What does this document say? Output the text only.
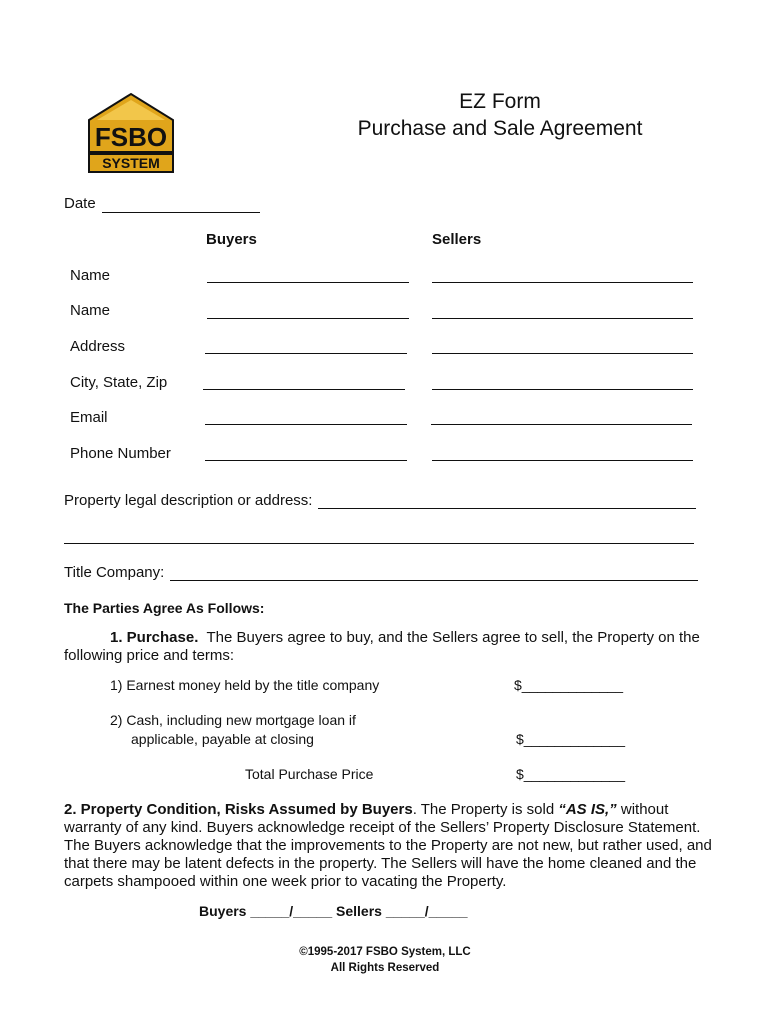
FSBO
SYSTEM
EZ Form
Purchase and Sale Agreement
Date
Buyers	Sellers
Name
Name
Address
City, State, Zip
Email
Phone Number
Property legal description or address:
Title Company:
The Parties Agree As Follows:
1. Purchase. The Buyers agree to buy, and the Sellers agree to sell, the Property on the following price and terms:
1) Earnest money held by the title company	$_____________
2) Cash, including new mortgage loan if
applicable, payable at closing	$_____________
Total Purchase Price	$_____________
2. Property Condition, Risks Assumed by Buyers. The Property is sold “AS IS,” without warranty of any kind. Buyers acknowledge receipt of the Sellers’ Property Disclosure Statement. The Buyers acknowledge that the improvements to the Property are not new, but rather used, and that there may be latent defects in the property. The Sellers will have the home cleaned and the carpets shampooed within one week prior to vacating the Property.
Buyers _____/_____ Sellers _____/_____
©1995-2017 FSBO System, LLC
All Rights Reserved
